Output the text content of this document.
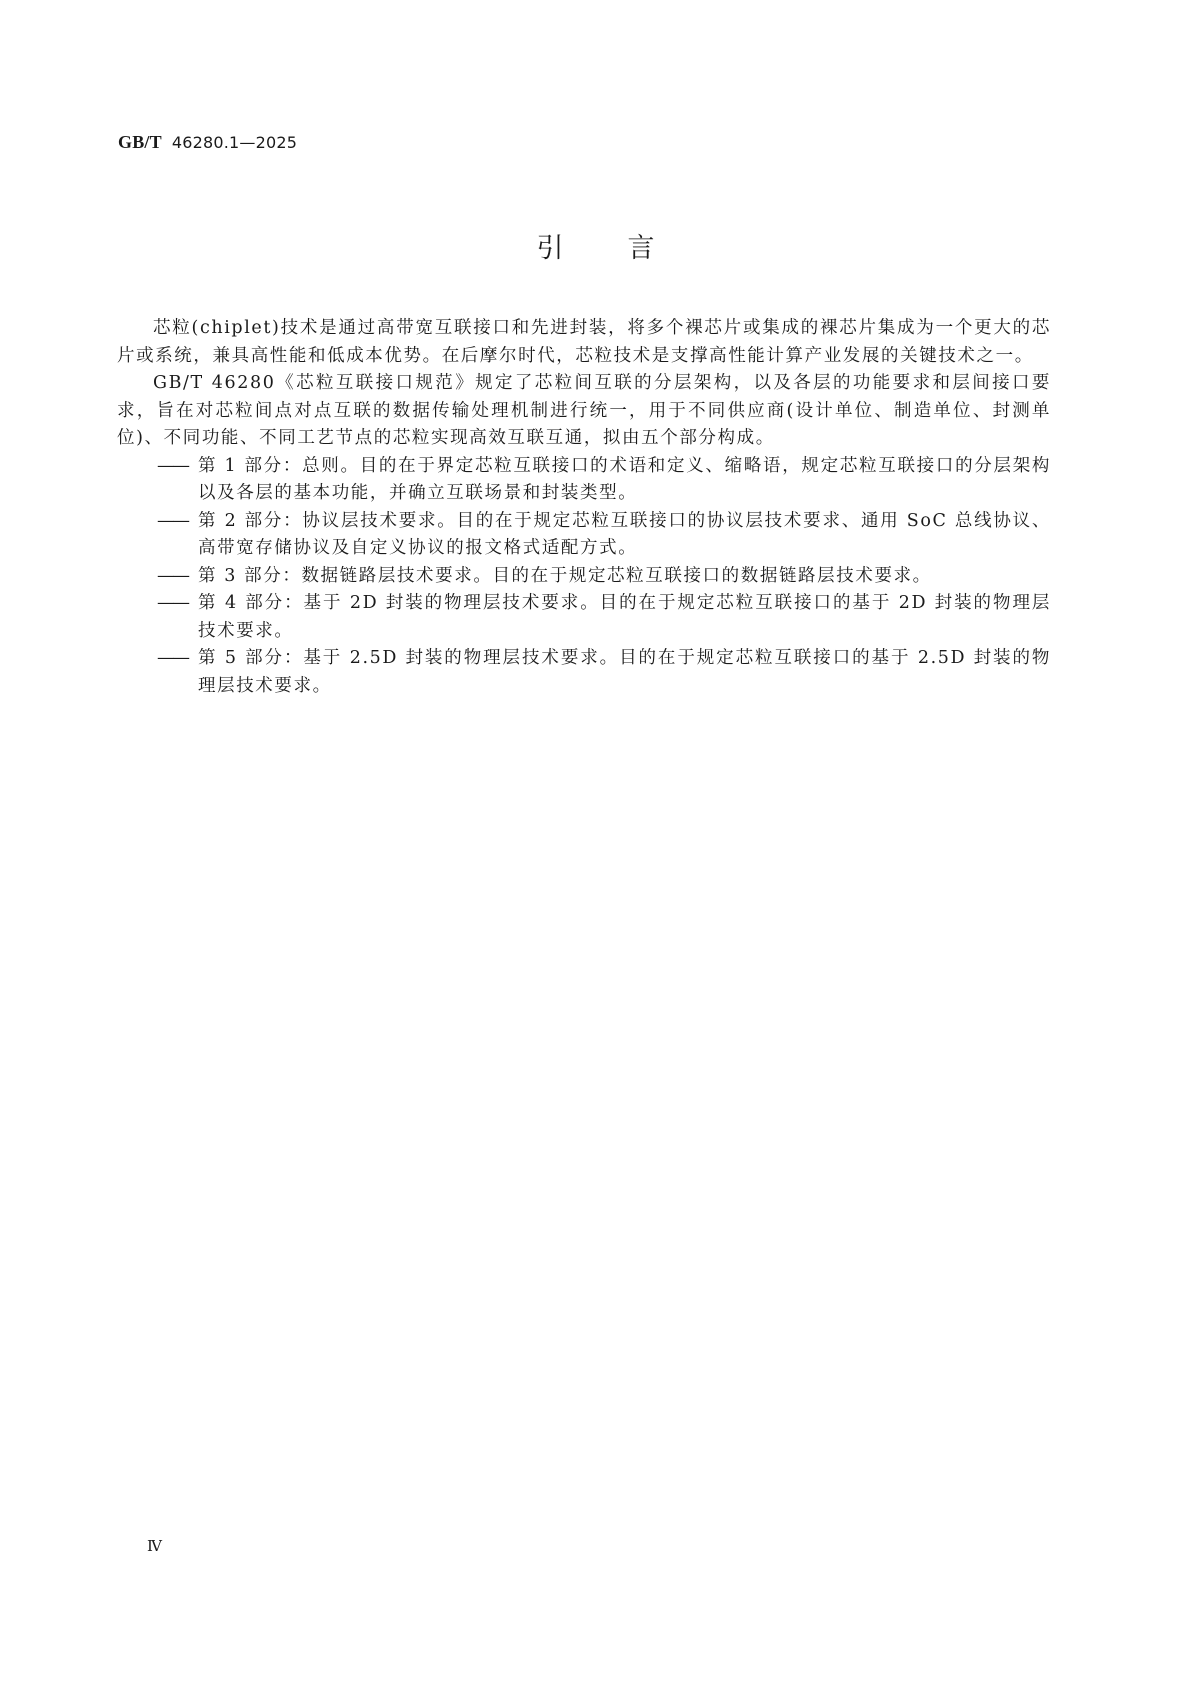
GB/T 46280.1—2025
引 言

芯粒(chiplet)技术是通过高带宽互联接口和先进封装，将多个裸芯片或集成的裸芯片集成为一个更大的芯片或系统，兼具高性能和低成本优势。在后摩尔时代，芯粒技术是支撑高性能计算产业发展的关键技术之一。

GB/T 46280《芯粒互联接口规范》规定了芯粒间互联的分层架构，以及各层的功能要求和层间接口要求，旨在对芯粒间点对点互联的数据传输处理机制进行统一，用于不同供应商(设计单位、制造单位、封测单位)、不同功能、不同工艺节点的芯粒实现高效互联互通，拟由五个部分构成。

—— 第 1 部分：总则。目的在于界定芯粒互联接口的术语和定义、缩略语，规定芯粒互联接口的分层架构以及各层的基本功能，并确立互联场景和封装类型。
—— 第 2 部分：协议层技术要求。目的在于规定芯粒互联接口的协议层技术要求、通用 SoC 总线协议、高带宽存储协议及自定义协议的报文格式适配方式。
—— 第 3 部分：数据链路层技术要求。目的在于规定芯粒互联接口的数据链路层技术要求。
—— 第 4 部分：基于 2D 封装的物理层技术要求。目的在于规定芯粒互联接口的基于 2D 封装的物理层技术要求。
—— 第 5 部分：基于 2.5D 封装的物理层技术要求。目的在于规定芯粒互联接口的基于 2.5D 封装的物理层技术要求。
Ⅳ
